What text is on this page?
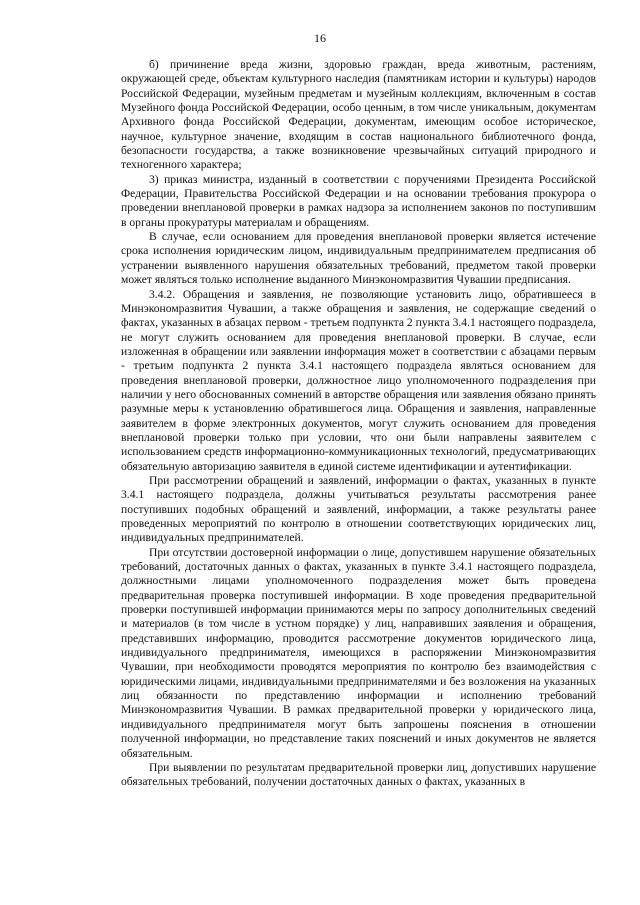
16

б) причинение вреда жизни, здоровью граждан, вреда животным, растениям, окружающей среде, объектам культурного наследия (памятникам истории и культуры) народов Российской Федерации, музейным предметам и музейным коллекциям, включенным в состав Музейного фонда Российской Федерации, особо ценным, в том числе уникальным, документам Архивного фонда Российской Федерации, документам, имеющим особое историческое, научное, культурное значение, входящим в состав национального библиотечного фонда, безопасности государства, а также возникновение чрезвычайных ситуаций природного и техногенного характера;

3) приказ министра, изданный в соответствии с поручениями Президента Российской Федерации, Правительства Российской Федерации и на основании требования прокурора о проведении внеплановой проверки в рамках надзора за исполнением законов по поступившим в органы прокуратуры материалам и обращениям.

В случае, если основанием для проведения внеплановой проверки является истечение срока исполнения юридическим лицом, индивидуальным предпринимателем предписания об устранении выявленного нарушения обязательных требований, предметом такой проверки может являться только исполнение выданного Минэкономразвития Чувашии предписания.

3.4.2. Обращения и заявления, не позволяющие установить лицо, обратившееся в Минэкономразвития Чувашии, а также обращения и заявления, не содержащие сведений о фактах, указанных в абзацах первом - третьем подпункта 2 пункта 3.4.1 настоящего подраздела, не могут служить основанием для проведения внеплановой проверки. В случае, если изложенная в обращении или заявлении информация может в соответствии с абзацами первым - третьим подпункта 2 пункта 3.4.1 настоящего подраздела являться основанием для проведения внеплановой проверки, должностное лицо уполномоченного подразделения при наличии у него обоснованных сомнений в авторстве обращения или заявления обязано принять разумные меры к установлению обратившегося лица. Обращения и заявления, направленные заявителем в форме электронных документов, могут служить основанием для проведения внеплановой проверки только при условии, что они были направлены заявителем с использованием средств информационно-коммуникационных технологий, предусматривающих обязательную авторизацию заявителя в единой системе идентификации и аутентификации.

При рассмотрении обращений и заявлений, информации о фактах, указанных в пункте 3.4.1 настоящего подраздела, должны учитываться результаты рассмотрения ранее поступивших подобных обращений и заявлений, информации, а также результаты ранее проведенных мероприятий по контролю в отношении соответствующих юридических лиц, индивидуальных предпринимателей.

При отсутствии достоверной информации о лице, допустившем нарушение обязательных требований, достаточных данных о фактах, указанных в пункте 3.4.1 настоящего подраздела, должностными лицами уполномоченного подразделения может быть проведена предварительная проверка поступившей информации. В ходе проведения предварительной проверки поступившей информации принимаются меры по запросу дополнительных сведений и материалов (в том числе в устном порядке) у лиц, направивших заявления и обращения, представивших информацию, проводится рассмотрение документов юридического лица, индивидуального предпринимателя, имеющихся в распоряжении Минэкономразвития Чувашии, при необходимости проводятся мероприятия по контролю без взаимодействия с юридическими лицами, индивидуальными предпринимателями и без возложения на указанных лиц обязанности по представлению информации и исполнению требований Минэкономразвития Чувашии. В рамках предварительной проверки у юридического лица, индивидуального предпринимателя могут быть запрошены пояснения в отношении полученной информации, но представление таких пояснений и иных документов не является обязательным.

При выявлении по результатам предварительной проверки лиц, допустивших нарушение обязательных требований, получении достаточных данных о фактах, указанных в
